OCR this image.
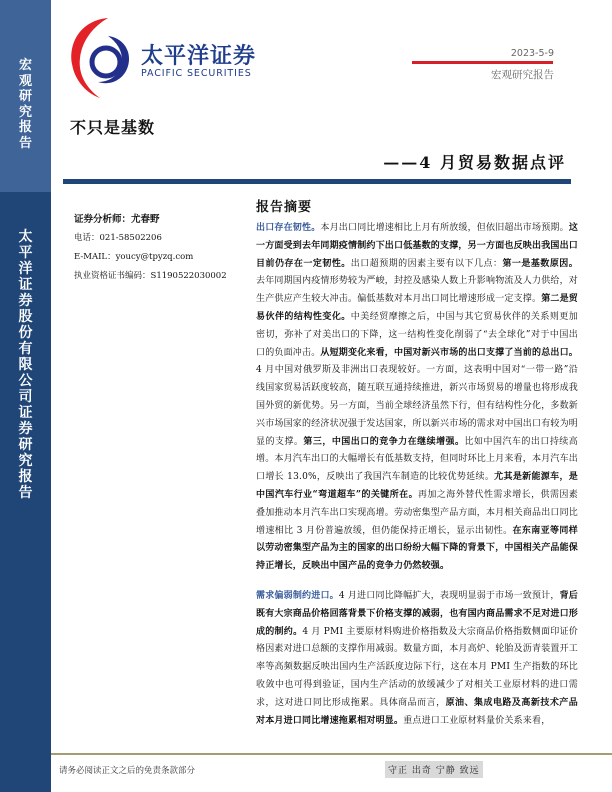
宏
观
研
究
报
告
太
平
洋
证
券
股
份
有
限
公
司
证
券
研
究
报
告
太平洋证券
PACIFIC SECURITIES
2023-5-9
宏观研究报告
不只是基数
——4 月贸易数据点评
证券分析师：尤春野
电话：021-58502206
E-MAIL：youcy@tpyzq.com
执业资格证书编码：S1190522030002
报告摘要

出口存在韧性。本月出口同比增速相比上月有所放缓，但依旧超出市场预期。这一方面受到去年同期疫情制约下出口低基数的支撑，另一方面也反映出我国出口目前仍存在一定韧性。出口超预期的因素主要有以下几点：第一是基数原因。去年同期国内疫情形势较为严峻，封控及感染人数上升影响物流及人力供给，对生产供应产生较大冲击。偏低基数对本月出口同比增速形成一定支撑。第二是贸易伙伴的结构性变化。中美经贸摩擦之后，中国与其它贸易伙伴的关系则更加密切，弥补了对美出口的下降，这一结构性变化削弱了“去全球化”对于中国出口的负面冲击。从短期变化来看，中国对新兴市场的出口支撑了当前的总出口。4 月中国对俄罗斯及非洲出口表现较好。一方面，这表明中国对“一带一路”沿线国家贸易活跃度较高，随互联互通持续推进，新兴市场贸易的增量也将形成我国外贸的新优势。另一方面，当前全球经济虽然下行，但有结构性分化，多数新兴市场国家的经济状况强于发达国家，所以新兴市场的需求对中国出口有较为明显的支撑。第三，中国出口的竞争力在继续增强。比如中国汽车的出口持续高增。本月汽车出口的大幅增长有低基数支持，但同时环比上月来看，本月汽车出口增长 13.0%，反映出了我国汽车制造的比较优势延续。尤其是新能源车，是中国汽车行业“弯道超车”的关键所在。再加之海外替代性需求增长，供需因素叠加推动本月汽车出口实现高增。劳动密集型产品方面，本月相关商品出口同比增速相比 3 月份普遍放缓，但仍能保持正增长，显示出韧性。在东南亚等同样以劳动密集型产品为主的国家的出口纷纷大幅下降的背景下，中国相关产品能保持正增长，反映出中国产品的竞争力仍然较强。

需求偏弱制约进口。4 月进口同比降幅扩大，表现明显弱于市场一致预计，背后既有大宗商品价格回落背景下价格支撑的减弱，也有国内商品需求不足对进口形成的制约。4 月 PMI 主要原材料购进价格指数及大宗商品价格指数侧面印证价格因素对进口总额的支撑作用减弱。数量方面，本月高炉、轮胎及沥青装置开工率等高频数据反映出国内生产活跃度边际下行，这在本月 PMI 生产指数的环比收敛中也可得到验证，国内生产活动的放缓减少了对相关工业原材料的进口需求，这对进口同比形成拖累。具体商品而言，原油、集成电路及高新技术产品对本月进口同比增速拖累相对明显。重点进口工业原材料量价关系来看，

请务必阅读正文之后的免责条款部分	守正 出奇 宁静 致远
